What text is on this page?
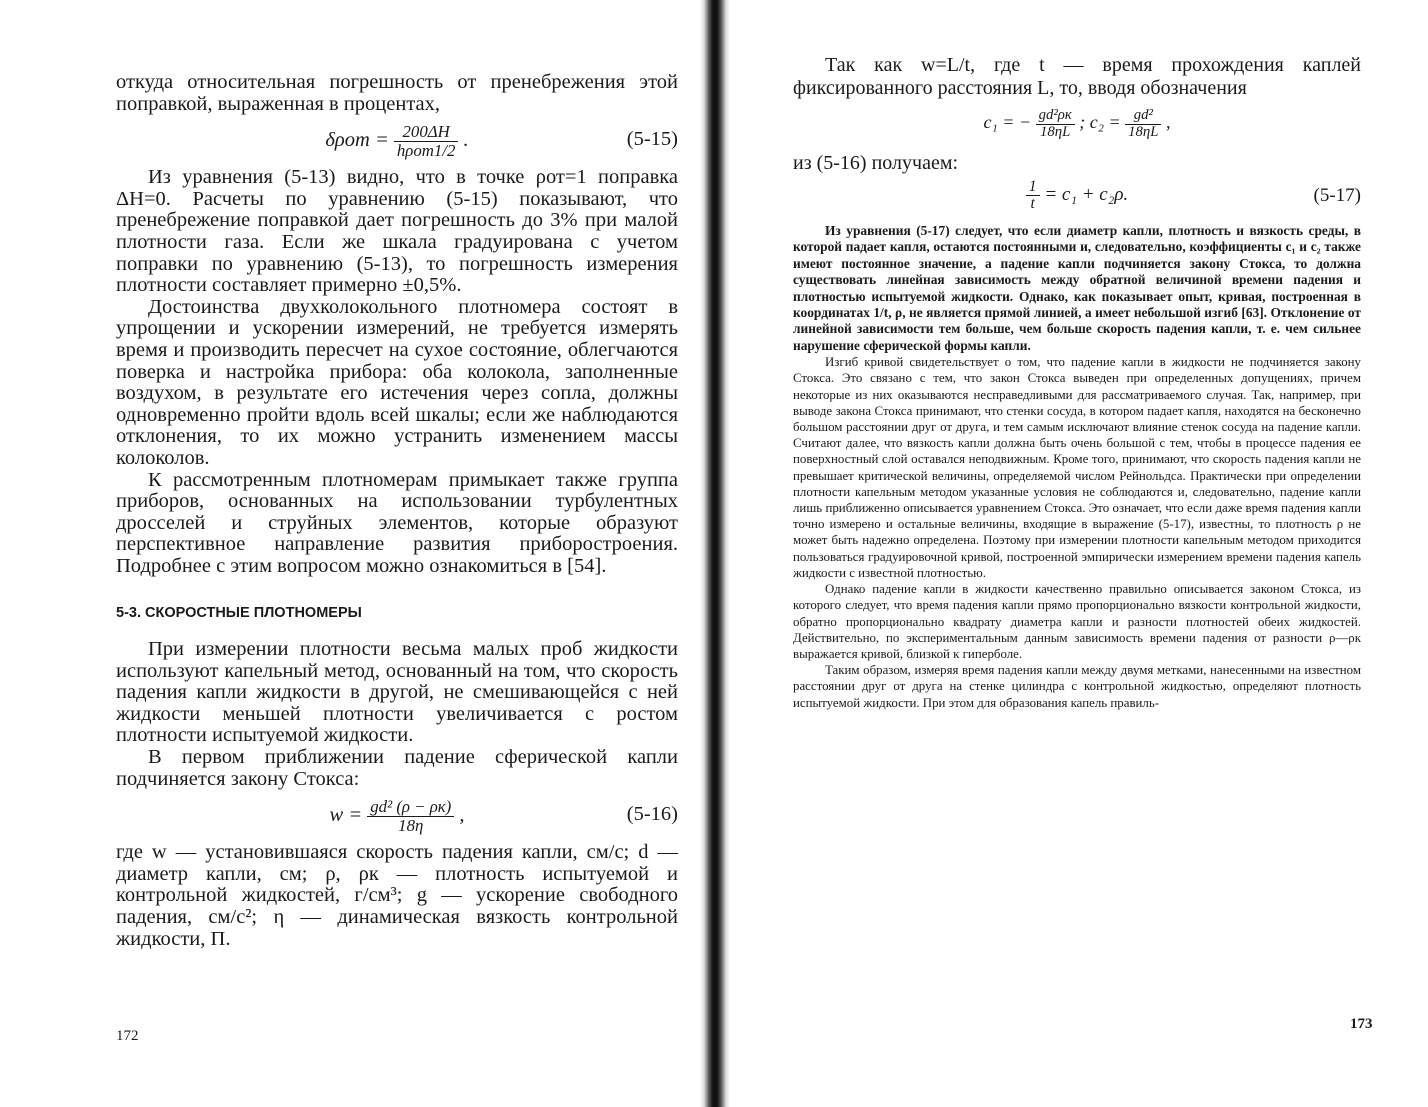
откуда относительная погрешность от пренебрежения этой поправкой, выраженная в процентах,

$\delta\rho от = \frac{200\Delta H}{\text{hρот1/2}}$ .	(5-15)

Из уравнения (5-13) видно, что в точке ρот=1 поправка ΔH=0. Расчеты по уравнению (5-15) показывают, что пренебрежение поправкой дает погрешность до 3% при малой плотности газа. Если же шкала градуирована с учетом поправки по уравнению (5-13), то погрешность измерения плотности составляет примерно ±0,5%.

Достоинства двухколокольного плотномера состоят в упрощении и ускорении измерений, не требуется измерять время и производить пересчет на сухое состояние, облегчаются поверка и настройка прибора: оба колокола, заполненные воздухом, в результате его истечения через сопла, должны одновременно пройти вдоль всей шкалы; если же наблюдаются отклонения, то их можно устранить изменением массы колоколов.

К рассмотренным плотномерам примыкает также группа приборов, основанных на использовании турбулентных дросселей и струйных элементов, которые образуют перспективное направление развития приборостроения. Подробнее с этим вопросом можно ознакомиться в [54].

5-3. СКОРОСТНЫЕ ПЛОТНОМЕРЫ

При измерении плотности весьма малых проб жидкости используют капельный метод, основанный на том, что скорость падения капли жидкости в другой, не смешивающейся с ней жидкости меньшей плотности увеличивается с ростом плотности испытуемой жидкости.

В первом приближении падение сферической капли подчиняется закону Стокса:

$w = \frac{\text{gd² (ρ − ρк)}}{18\eta}$ ,	(5-16)

где w — установившаяся скорость падения капли, см/с; d — диаметр капли, см; ρ, ρк — плотность испытуемой и контрольной жидкостей, г/см³; g — ускорение свободного падения, см/с²; η — динамическая вязкость контрольной жидкости, П.

172

Так как w=L/t, где t — время прохождения каплей фиксированного расстояния L, то, вводя обозначения

c₁ = − $\frac{\text{gd²ρк}}{18\eta L}$ ; $c_2 = \frac{\text{gd²}}{18\eta L}$ ,

из (5-16) получаем:

$\frac{1}{t} = c_1 + c_2\rho$.	(5-17)

Из уравнения (5-17) следует, что если диаметр капли, плотность и вязкость среды, в которой падает капля, остаются постоянными и, следовательно, коэффициенты c₁ и c₂ также имеют постоянное значение, а падение капли подчиняется закону Стокса, то должна существовать линейная зависимость между обратной величиной времени падения и плотностью испытуемой жидкости. Однако, как показывает опыт, кривая, построенная в координатах 1/t, ρ, не является прямой линией, а имеет небольшой изгиб [63]. Отклонение от линейной зависимости тем больше, чем больше скорость падения капли, т. е. чем сильнее нарушение сферической формы капли.

Изгиб кривой свидетельствует о том, что падение капли в жидкости не подчиняется закону Стокса. Это связано с тем, что закон Стокса выведен при определенных допущениях, причем некоторые из них оказываются несправедливыми для рассматриваемого случая. Так, например, при выводе закона Стокса принимают, что стенки сосуда, в котором падает капля, находятся на бесконечно большом расстоянии друг от друга, и тем самым исключают влияние стенок сосуда на падение капли. Считают далее, что вязкость капли должна быть очень большой с тем, чтобы в процессе падения ее поверхностный слой оставался неподвижным. Кроме того, принимают, что скорость падения капли не превышает критической величины, определяемой числом Рейнольдса. Практически при определении плотности капельным методом указанные условия не соблюдаются и, следовательно, падение капли лишь приближенно описывается уравнением Стокса. Это означает, что если даже время падения капли точно измерено и остальные величины, входящие в выражение (5-17), известны, то плотность ρ не может быть надежно определена. Поэтому при измерении плотности капельным методом приходится пользоваться градуировочной кривой, построенной эмпирически измерением времени падения капель жидкости с известной плотностью.

Однако падение капли в жидкости качественно правильно описывается законом Стокса, из которого следует, что время падения капли прямо пропорционально вязкости контрольной жидкости, обратно пропорционально квадрату диаметра капли и разности плотностей обеих жидкостей. Действительно, по экспериментальным данным зависимость времени падения от разности ρ—ρк выражается кривой, близкой к гиперболе.

Таким образом, измеряя время падения капли между двумя метками, нанесенными на известном расстоянии друг от друга на стенке цилиндра с контрольной жидкостью, определяют плотность испытуемой жидкости. При этом для образования капель правиль-

173
